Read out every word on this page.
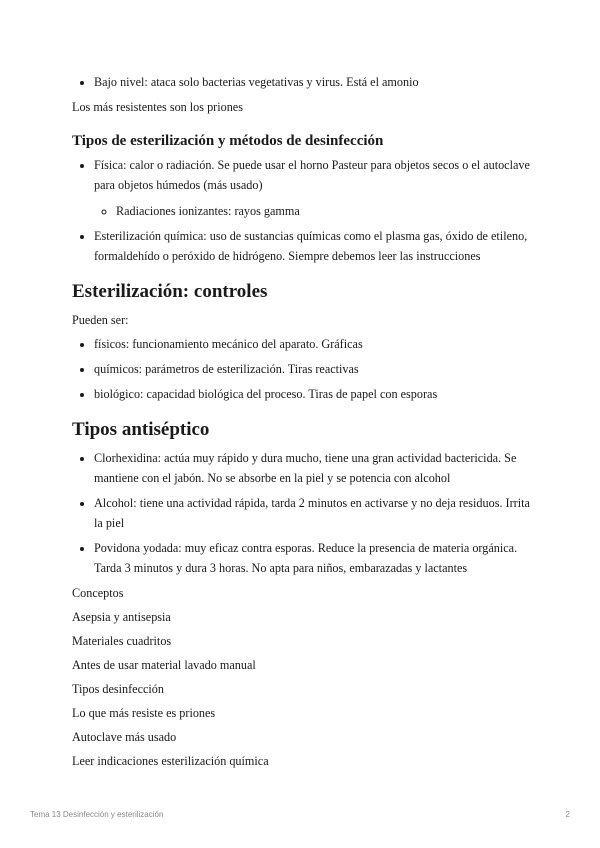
• Bajo nivel: ataca solo bacterias vegetativas y virus. Está el amonio

Los más resistentes son los priones

Tipos de esterilización y métodos de desinfección
• Física: calor o radiación. Se puede usar el horno Pasteur para objetos secos o el autoclave para objetos húmedos (más usado)
◦ Radiaciones ionizantes: rayos gamma
• Esterilización química: uso de sustancias químicas como el plasma gas, óxido de etileno, formaldehído o peróxido de hidrógeno. Siempre debemos leer las instrucciones
Esterilización: controles

Pueden ser:

• físicos: funcionamiento mecánico del aparato. Gráficas
• químicos: parámetros de esterilización. Tiras reactivas
• biológico: capacidad biológica del proceso. Tiras de papel con esporas
Tipos antiséptico
• Clorhexidina: actúa muy rápido y dura mucho, tiene una gran actividad bactericida. Se mantiene con el jabón. No se absorbe en la piel y se potencia con alcohol
• Alcohol: tiene una actividad rápida, tarda 2 minutos en activarse y no deja residuos. Irrita la piel
• Povidona yodada: muy eficaz contra esporas. Reduce la presencia de materia orgánica. Tarda 3 minutos y dura 3 horas. No apta para niños, embarazadas y lactantes

Conceptos

Asepsia y antisepsia

Materiales cuadritos

Antes de usar material lavado manual

Tipos desinfección

Lo que más resiste es priones

Autoclave más usado

Leer indicaciones esterilización química

Tema 13 Desinfección y esterilización	2
